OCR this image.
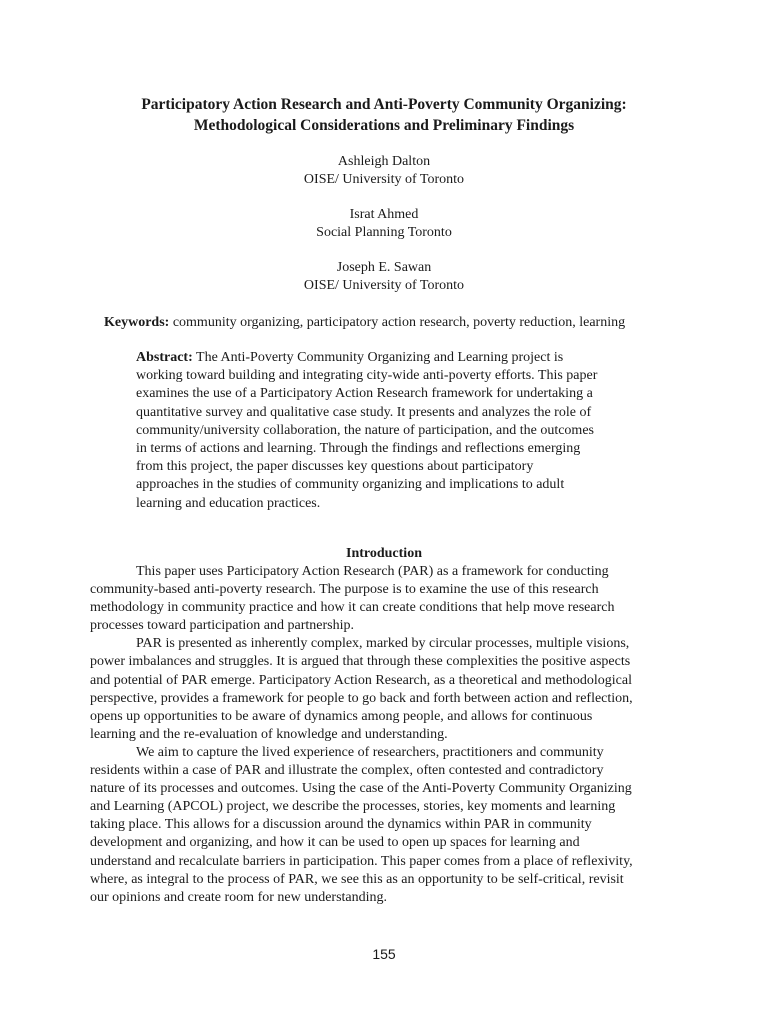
Participatory Action Research and Anti-Poverty Community Organizing:
Methodological Considerations and Preliminary Findings
Ashleigh Dalton
OISE/ University of Toronto
Israt Ahmed
Social Planning Toronto
Joseph E. Sawan
OISE/ University of Toronto
Keywords: community organizing, participatory action research, poverty reduction, learning
Abstract: The Anti-Poverty Community Organizing and Learning project is
working toward building and integrating city-wide anti-poverty efforts. This paper
examines the use of a Participatory Action Research framework for undertaking a
quantitative survey and qualitative case study. It presents and analyzes the role of
community/university collaboration, the nature of participation, and the outcomes
in terms of actions and learning. Through the findings and reflections emerging
from this project, the paper discusses key questions about participatory
approaches in the studies of community organizing and implications to adult
learning and education practices.
Introduction
This paper uses Participatory Action Research (PAR) as a framework for conducting
community-based anti-poverty research. The purpose is to examine the use of this research
methodology in community practice and how it can create conditions that help move research
processes toward participation and partnership.
PAR is presented as inherently complex, marked by circular processes, multiple visions,
power imbalances and struggles. It is argued that through these complexities the positive aspects
and potential of PAR emerge. Participatory Action Research, as a theoretical and methodological
perspective, provides a framework for people to go back and forth between action and reflection,
opens up opportunities to be aware of dynamics among people, and allows for continuous
learning and the re-evaluation of knowledge and understanding.
We aim to capture the lived experience of researchers, practitioners and community
residents within a case of PAR and illustrate the complex, often contested and contradictory
nature of its processes and outcomes. Using the case of the Anti-Poverty Community Organizing
and Learning (APCOL) project, we describe the processes, stories, key moments and learning
taking place. This allows for a discussion around the dynamics within PAR in community
development and organizing, and how it can be used to open up spaces for learning and
understand and recalculate barriers in participation. This paper comes from a place of reflexivity,
where, as integral to the process of PAR, we see this as an opportunity to be self-critical, revisit
our opinions and create room for new understanding.
155
